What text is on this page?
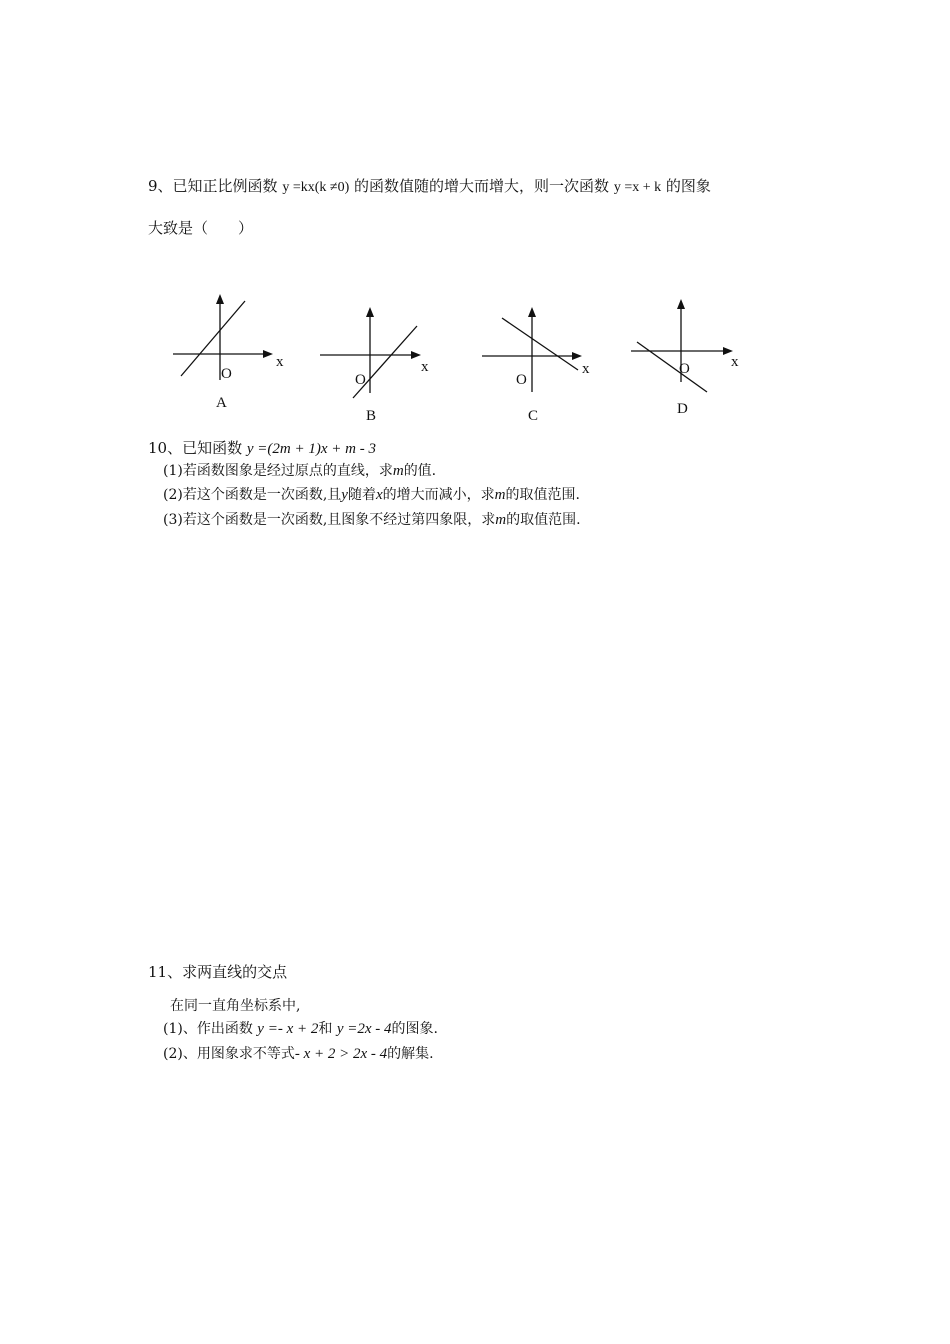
9、已知正比例函数 y =kx(k ≠0) 的函数值随的增大而增大，则一次函数 y =x + k 的图象
大致是（　　）
x
O
A
x
O
B
x
O
C
x
O
D
10、已知函数 y =(2m + 1)x + m - 3
(1)若函数图象是经过原点的直线，求m的值.
(2)若这个函数是一次函数,且y随着x的增大而减小，求m的取值范围.
(3)若这个函数是一次函数,且图象不经过第四象限，求m的取值范围.
11、求两直线的交点
在同一直角坐标系中,
(1)、作出函数 y =- x + 2和 y =2x - 4的图象.
(2)、用图象求不等式- x + 2 > 2x - 4的解集.
